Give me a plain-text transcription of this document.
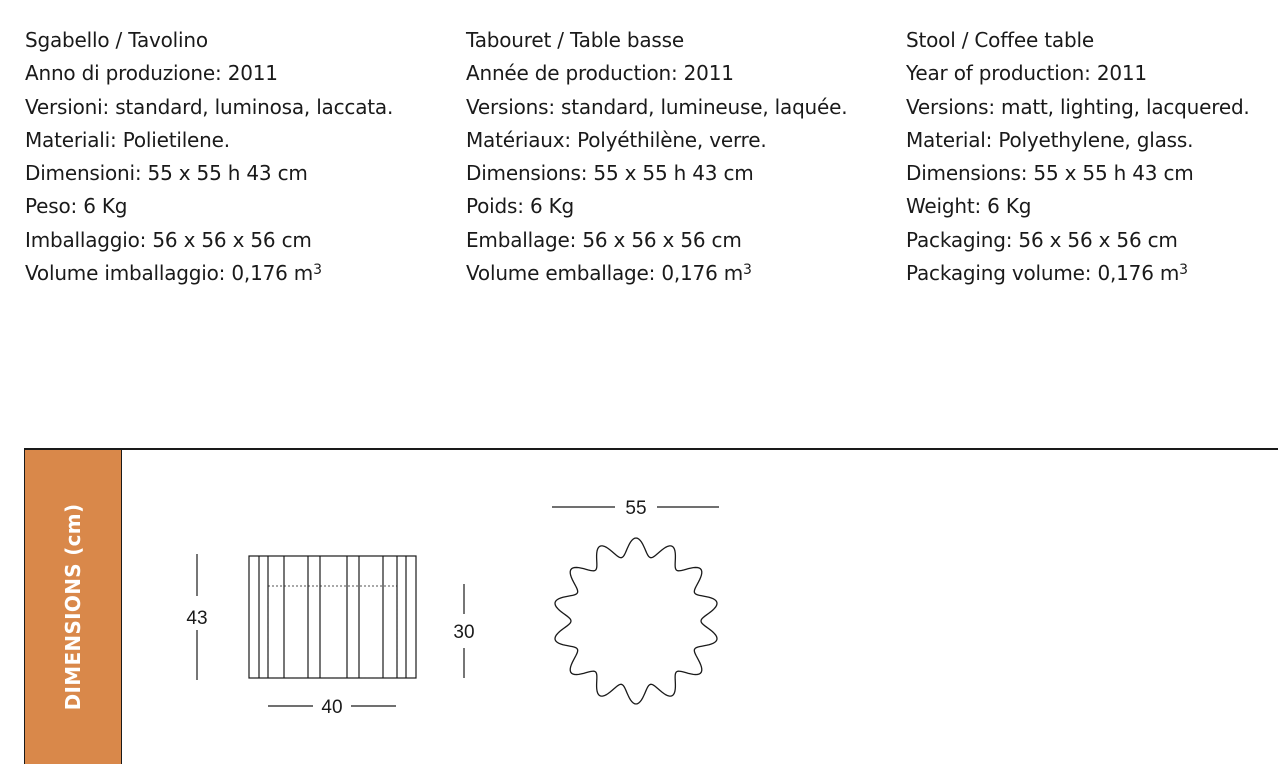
Sgabello / Tavolino
Anno di produzione: 2011
Versioni: standard, luminosa, laccata.
Materiali: Polietilene.
Dimensioni: 55 x 55 h 43 cm
Peso: 6 Kg
Imballaggio: 56 x 56 x 56 cm
Volume imballaggio: 0,176 $m^3$
Tabouret / Table basse
Année de production: 2011
Versions: standard, lumineuse, laquée.
Matériaux: Polyéthilène, verre.
Dimensions: 55 x 55 h 43 cm
Poids: 6 Kg
Emballage: 56 x 56 x 56 cm
Volume emballage: 0,176 $m^3$
Stool / Coffee table
Year of production: 2011
Versions: matt, lighting, lacquered.
Material: Polyethylene, glass.
Dimensions: 55 x 55 h 43 cm
Weight: 6 Kg
Packaging: 56 x 56 x 56 cm
Packaging volume: 0,176 $m^3$
DIMENSIONS (cm)	43
30
40
55
